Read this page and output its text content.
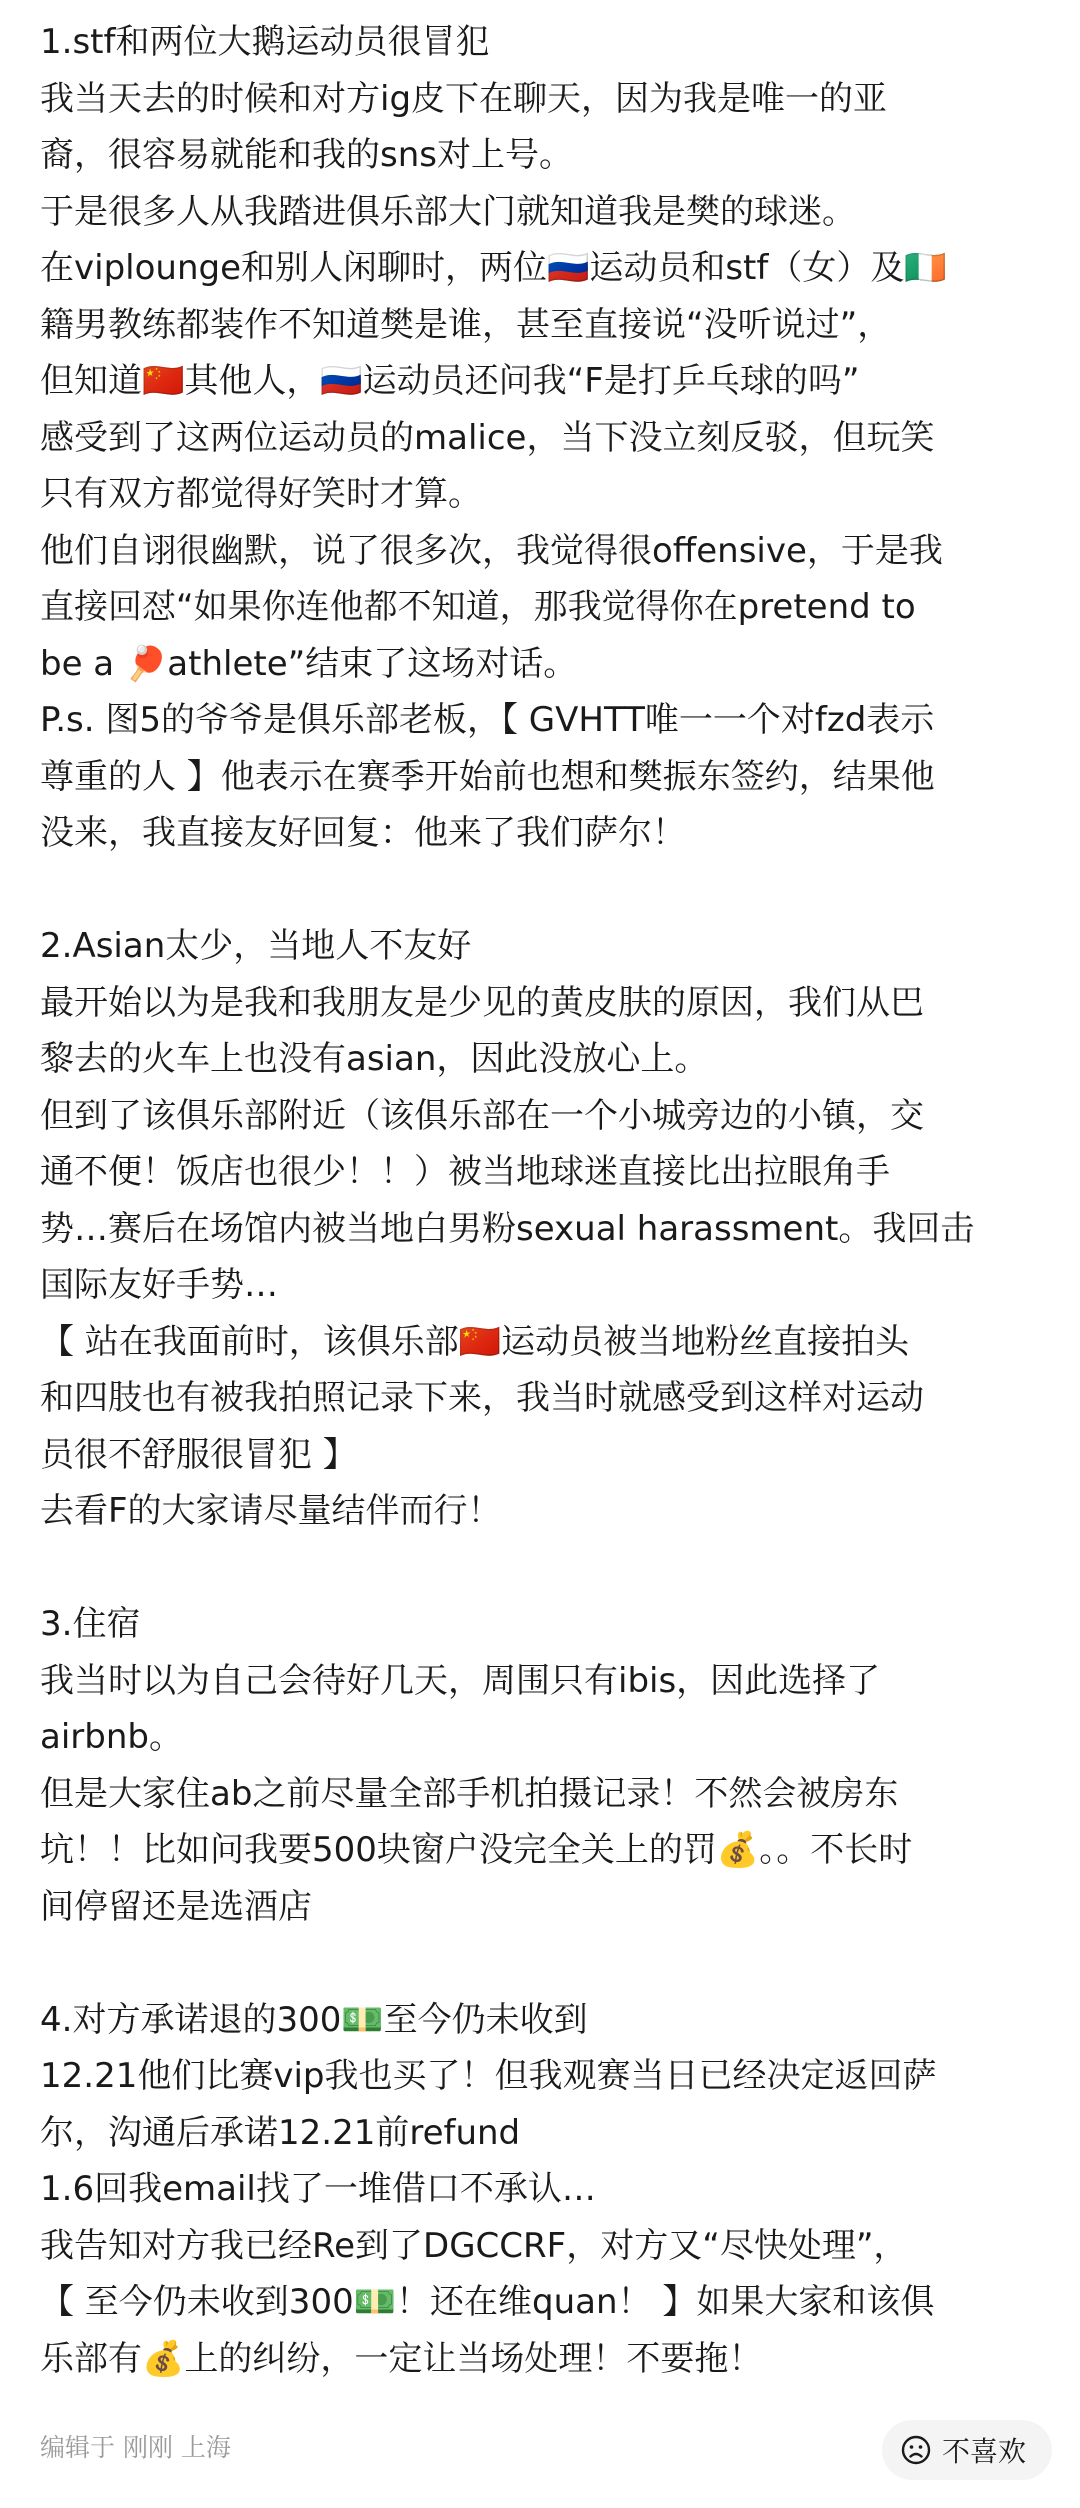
1.stf和两位大鹅运动员很冒犯
我当天去的时候和对方ig皮下在聊天，因为我是唯一的亚
裔，很容易就能和我的sns对上号。
于是很多人从我踏进俱乐部大门就知道我是樊的球迷。
在viplounge和别人闲聊时，两位🇷🇺运动员和stf（女）及🇮🇪
籍男教练都装作不知道樊是谁，甚至直接说“没听说过”，
但知道🇨🇳其他人，🇷🇺运动员还问我“F是打乒乓球的吗”
感受到了这两位运动员的malice，当下没立刻反驳，但玩笑
只有双方都觉得好笑时才算。
他们自诩很幽默，说了很多次，我觉得很offensive，于是我
直接回怼“如果你连他都不知道，那我觉得你在pretend to
be a 🏓athlete”结束了这场对话。
P.s. 图5的爷爷是俱乐部老板，【 GVHTT唯一一个对fzd表示
尊重的人 】他表示在赛季开始前也想和樊振东签约，结果他
没来，我直接友好回复：他来了我们萨尔！
2.Asian太少，当地人不友好
最开始以为是我和我朋友是少见的黄皮肤的原因，我们从巴
黎去的火车上也没有asian，因此没放心上。
但到了该俱乐部附近（该俱乐部在一个小城旁边的小镇，交
通不便！饭店也很少！！）被当地球迷直接比出拉眼角手
势…赛后在场馆内被当地白男粉sexual harassment。我回击
国际友好手势…
【 站在我面前时，该俱乐部🇨🇳运动员被当地粉丝直接拍头
和四肢也有被我拍照记录下来，我当时就感受到这样对运动
员很不舒服很冒犯 】
去看F的大家请尽量结伴而行！
3.住宿
我当时以为自己会待好几天，周围只有ibis，因此选择了
airbnb。
但是大家住ab之前尽量全部手机拍摄记录！不然会被房东
坑！！比如问我要500块窗户没完全关上的罚💰。。不长时
间停留还是选酒店
4.对方承诺退的300💵至今仍未收到
12.21他们比赛vip我也买了！但我观赛当日已经决定返回萨
尔，沟通后承诺12.21前refund
1.6回我email找了一堆借口不承认…
我告知对方我已经Re到了DGCCRF，对方又“尽快处理”，
【 至今仍未收到300💵！还在维quan！ 】如果大家和该俱
乐部有💰上的纠纷，一定让当场处理！不要拖！
编辑于 刚刚 上海	不喜欢
